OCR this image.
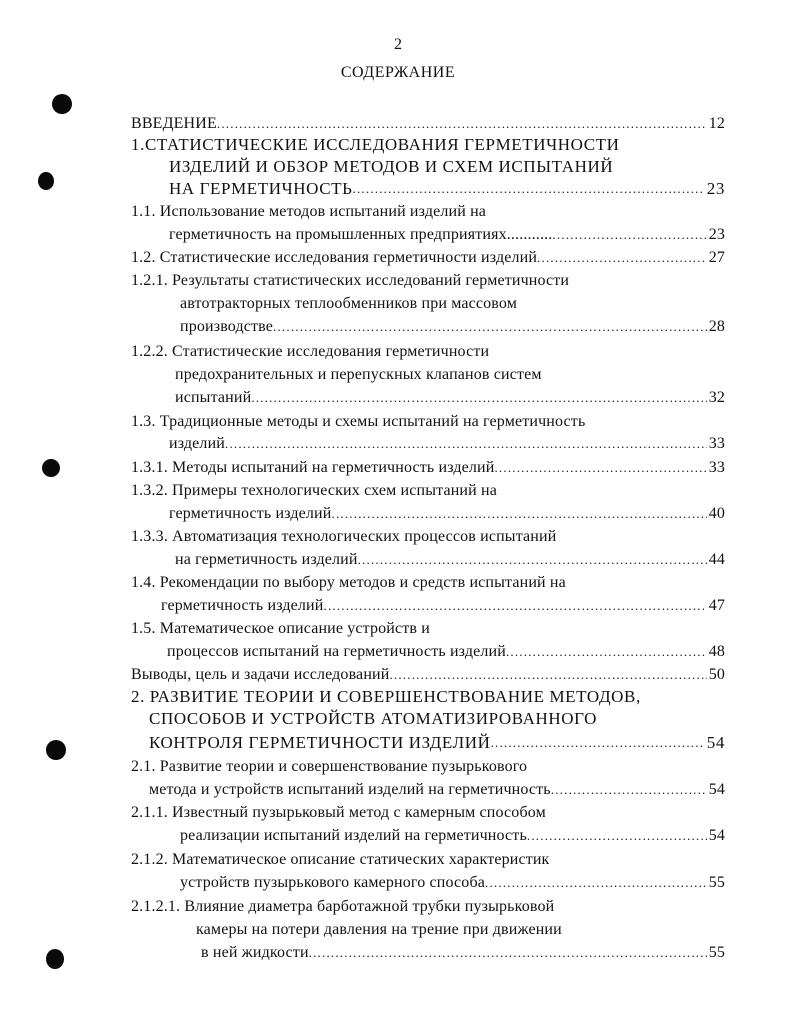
2
СОДЕРЖАНИЕ
ВВЕДЕНИЕ .....	12
1.СТАТИСТИЧЕСКИЕ ИССЛЕДОВАНИЯ ГЕРМЕТИЧНОСТИ
ИЗДЕЛИЙ И ОБЗОР МЕТОДОВ И СХЕМ ИСПЫТАНИЙ
НА ГЕРМЕТИЧНОСТЬ .....	23
1.1. Использование методов испытаний изделий на
герметичность на промышленных предприятиях........... .....	23
1.2. Статистические исследования герметичности изделий .....	27
1.2.1. Результаты статистических исследований герметичности
автотракторных теплообменников при массовом
производстве .....	28
1.2.2. Статистические исследования герметичности
предохранительных и перепускных клапанов систем
испытаний .....	32
1.3. Традиционные методы и схемы испытаний на герметичность
изделий .....	33
1.3.1. Методы испытаний на герметичность изделий .....	33
1.3.2. Примеры технологических схем испытаний на
герметичность изделий .....	40
1.3.3. Автоматизация технологических процессов испытаний
на герметичность изделий .....	44
1.4. Рекомендации по выбору методов и средств испытаний на
герметичность изделий .....	47
1.5. Математическое описание устройств и
процессов испытаний на герметичность изделий .....	48
Выводы, цель и задачи исследований .....	50
2. РАЗВИТИЕ ТЕОРИИ И СОВЕРШЕНСТВОВАНИЕ МЕТОДОВ,
СПОСОБОВ И УСТРОЙСТВ АТОМАТИЗИРОВАННОГО
КОНТРОЛЯ ГЕРМЕТИЧНОСТИ ИЗДЕЛИЙ .....	54
2.1. Развитие теории и совершенствование пузырькового
метода и устройств испытаний изделий на герметичность .....	54
2.1.1. Известный пузырьковый метод с камерным способом
реализации испытаний изделий на герметичность .....	54
2.1.2. Математическое описание статических характеристик
устройств пузырькового камерного способа .....	55
2.1.2.1. Влияние диаметра барботажной трубки пузырьковой
камеры на потери давления на трение при движении
в ней жидкости .....	55
